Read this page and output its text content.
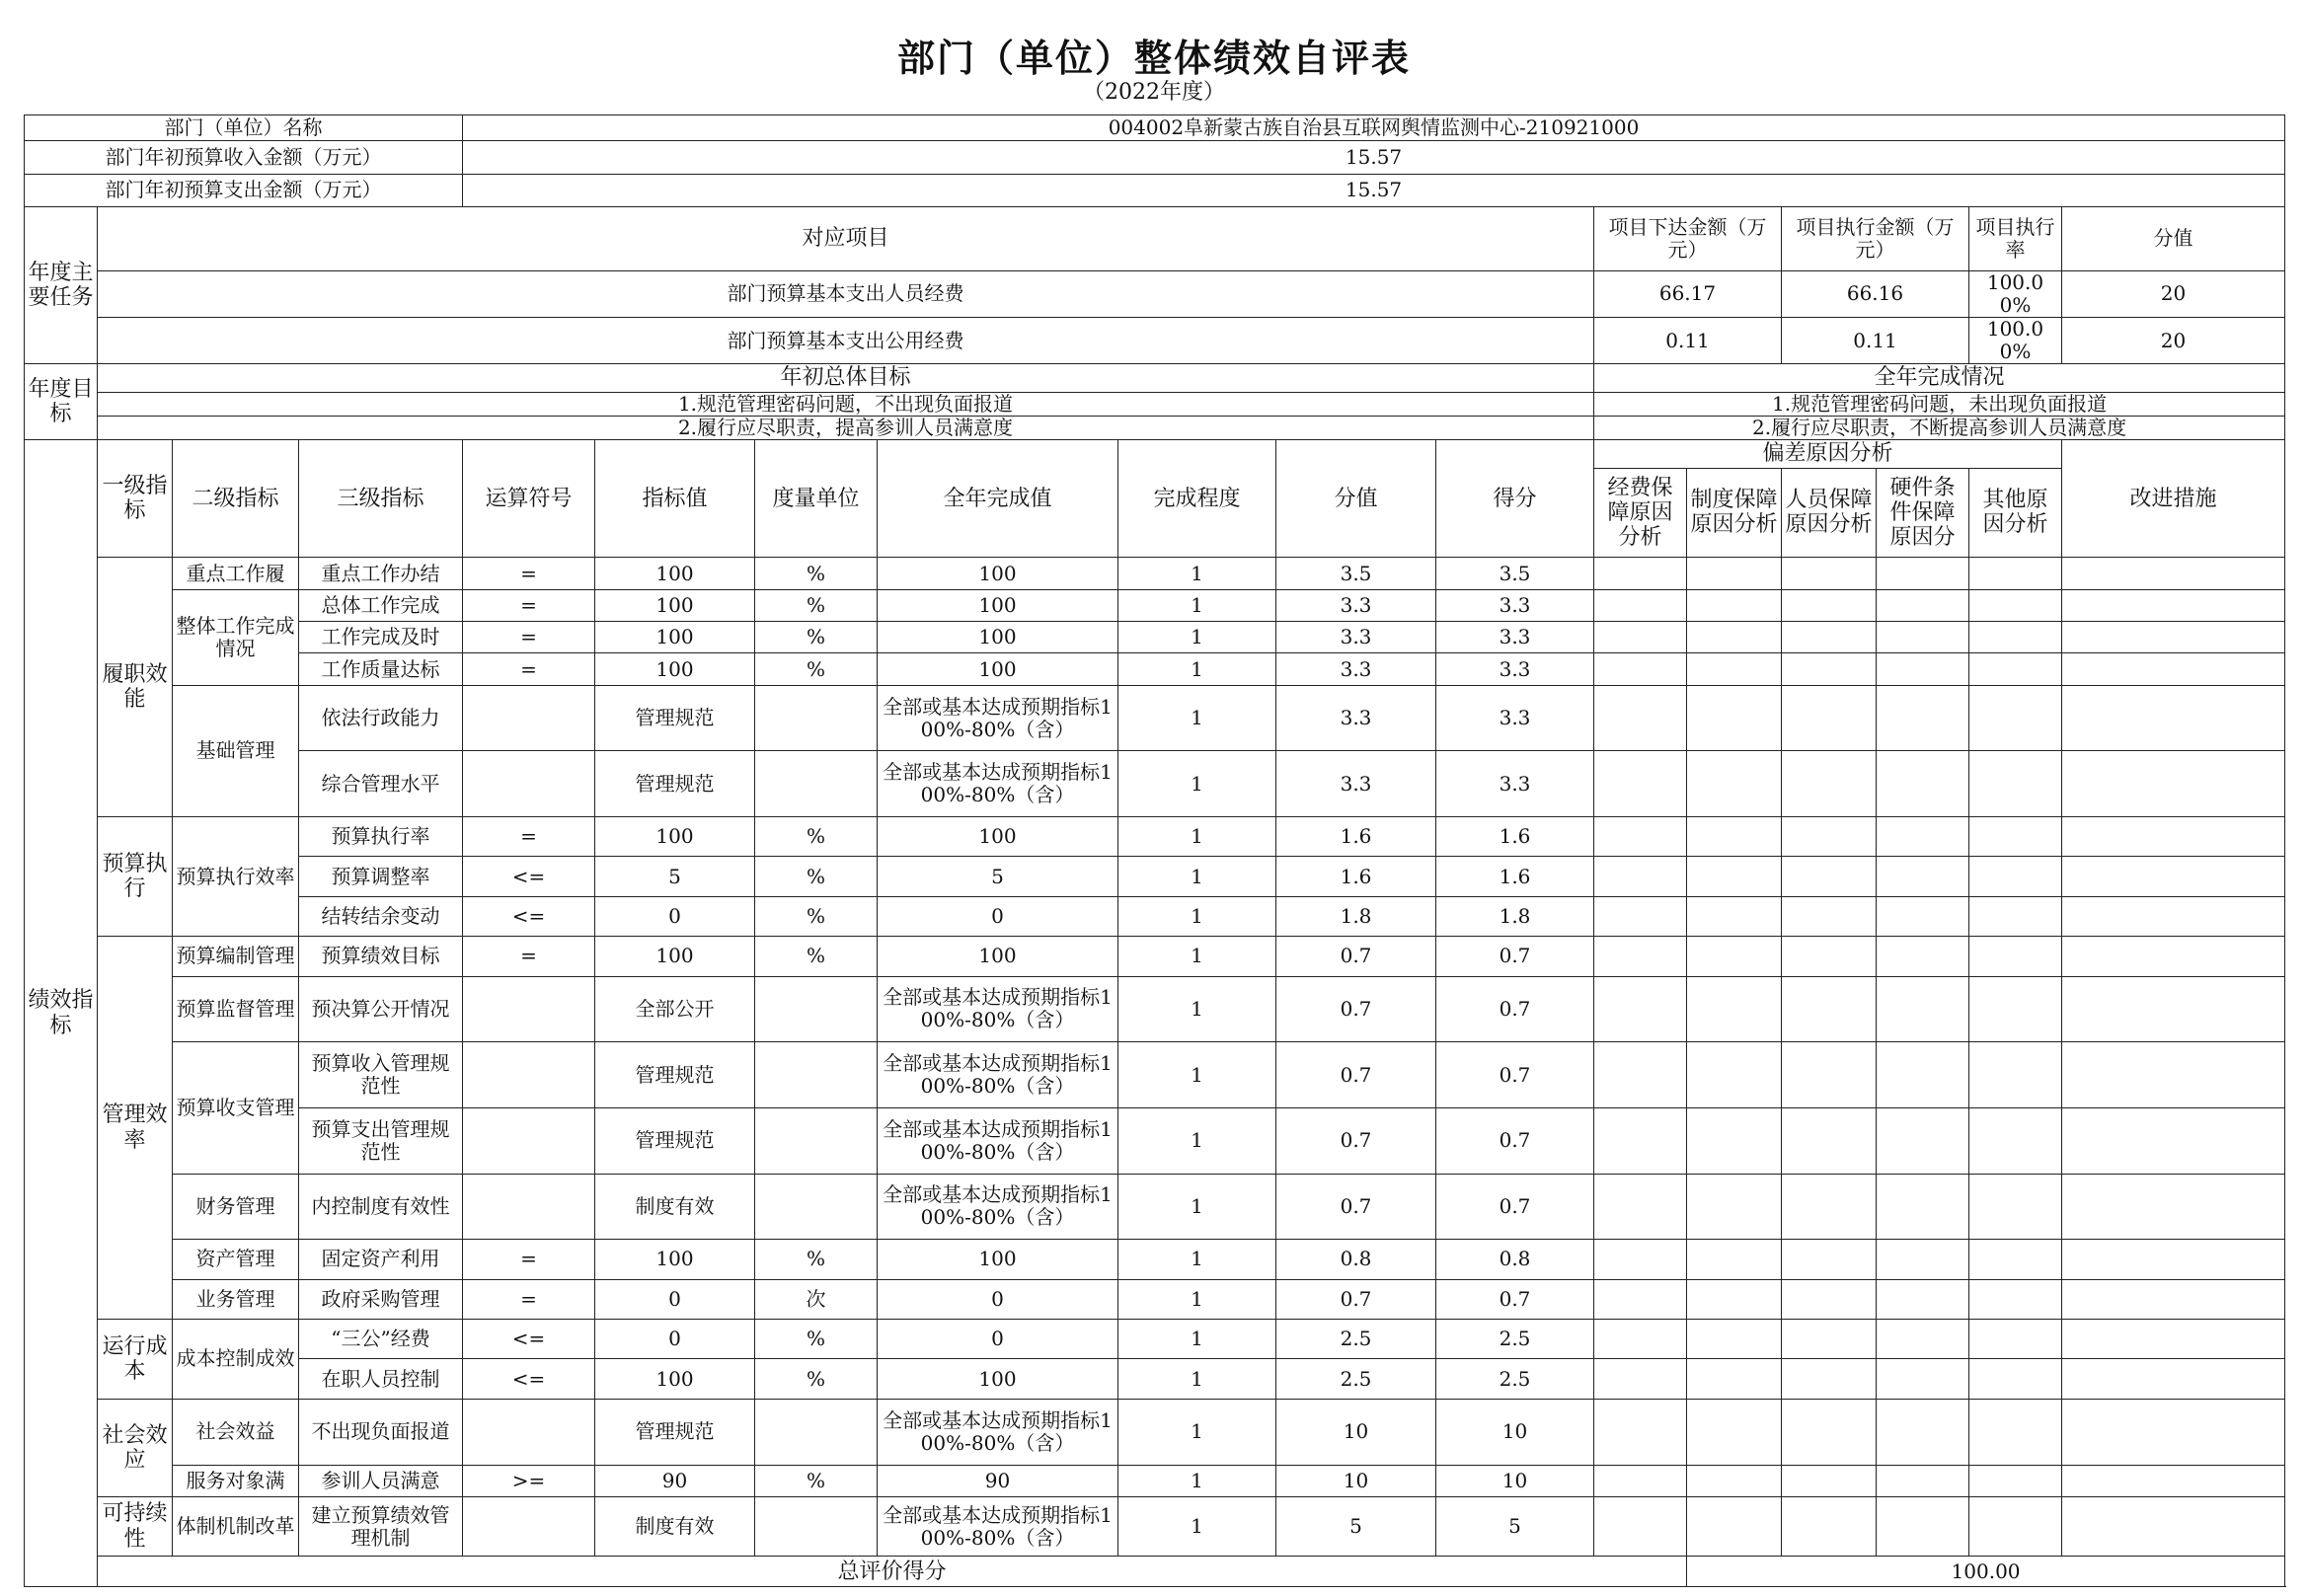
部门（单位）整体绩效自评表
（2022年度）
部门（单位）名称				004002阜新蒙古族自治县互联网舆情监测中心-210921000													
部门年初预算收入金额（万元）				15.57													
部门年初预算支出金额（万元）				15.57													
年度主要任务	对应项目										项目下达金额（万元）		项目执行金额（万元）		项目执行率	分值	
	部门预算基本支出人员经费										66.17		66.16		100.00%	20	
	部门预算基本支出公用经费										0.11		0.11		100.00%	20	
年度目标	年初总体目标										全年完成情况						
	1.规范管理密码问题，不出现负面报道										1.规范管理密码问题，未出现负面报道						
	2.履行应尽职责，提高参训人员满意度										2.履行应尽职责，不断提高参训人员满意度						
绩效指标	一级指标	二级指标	三级指标	运算符号	指标值	度量单位	全年完成值	完成程度	分值	得分	偏差原因分析					改进措施	
											经费保障原因分析	制度保障原因分析	人员保障原因分析	硬件条件保障原因分	其他原因分析		
	履职效能	重点工作履	重点工作办结	=	100	%	100	1	3.5	3.5							
		整体工作完成情况	总体工作完成	=	100	%	100	1	3.3	3.3							
			工作完成及时	=	100	%	100	1	3.3	3.3							
			工作质量达标	=	100	%	100	1	3.3	3.3							
		基础管理	依法行政能力		管理规范		全部或基本达成预期指标100%-80%（含）	1	3.3	3.3							
			综合管理水平		管理规范		全部或基本达成预期指标100%-80%（含）	1	3.3	3.3							
	预算执行	预算执行效率	预算执行率	=	100	%	100	1	1.6	1.6							
			预算调整率	<=	5	%	5	1	1.6	1.6							
			结转结余变动	<=	0	%	0	1	1.8	1.8							
	管理效率	预算编制管理	预算绩效目标	=	100	%	100	1	0.7	0.7							
		预算监督管理	预决算公开情况		全部公开		全部或基本达成预期指标100%-80%（含）	1	0.7	0.7							
		预算收支管理	预算收入管理规范性		管理规范		全部或基本达成预期指标100%-80%（含）	1	0.7	0.7							
			预算支出管理规范性		管理规范		全部或基本达成预期指标100%-80%（含）	1	0.7	0.7							
		财务管理	内控制度有效性		制度有效		全部或基本达成预期指标100%-80%（含）	1	0.7	0.7							
		资产管理	固定资产利用	=	100	%	100	1	0.8	0.8							
		业务管理	政府采购管理	=	0	次	0	1	0.7	0.7							
	运行成本	成本控制成效	“三公”经费	<=	0	%	0	1	2.5	2.5							
			在职人员控制	<=	100	%	100	1	2.5	2.5							
	社会效应	社会效益	不出现负面报道		管理规范		全部或基本达成预期指标100%-80%（含）	1	10	10							
		服务对象满	参训人员满意	>=	90	%	90	1	10	10							
	可持续性	体制机制改革	建立预算绩效管理机制		制度有效		全部或基本达成预期指标100%-80%（含）	1	5	5							
	总评价得分											100.00					
